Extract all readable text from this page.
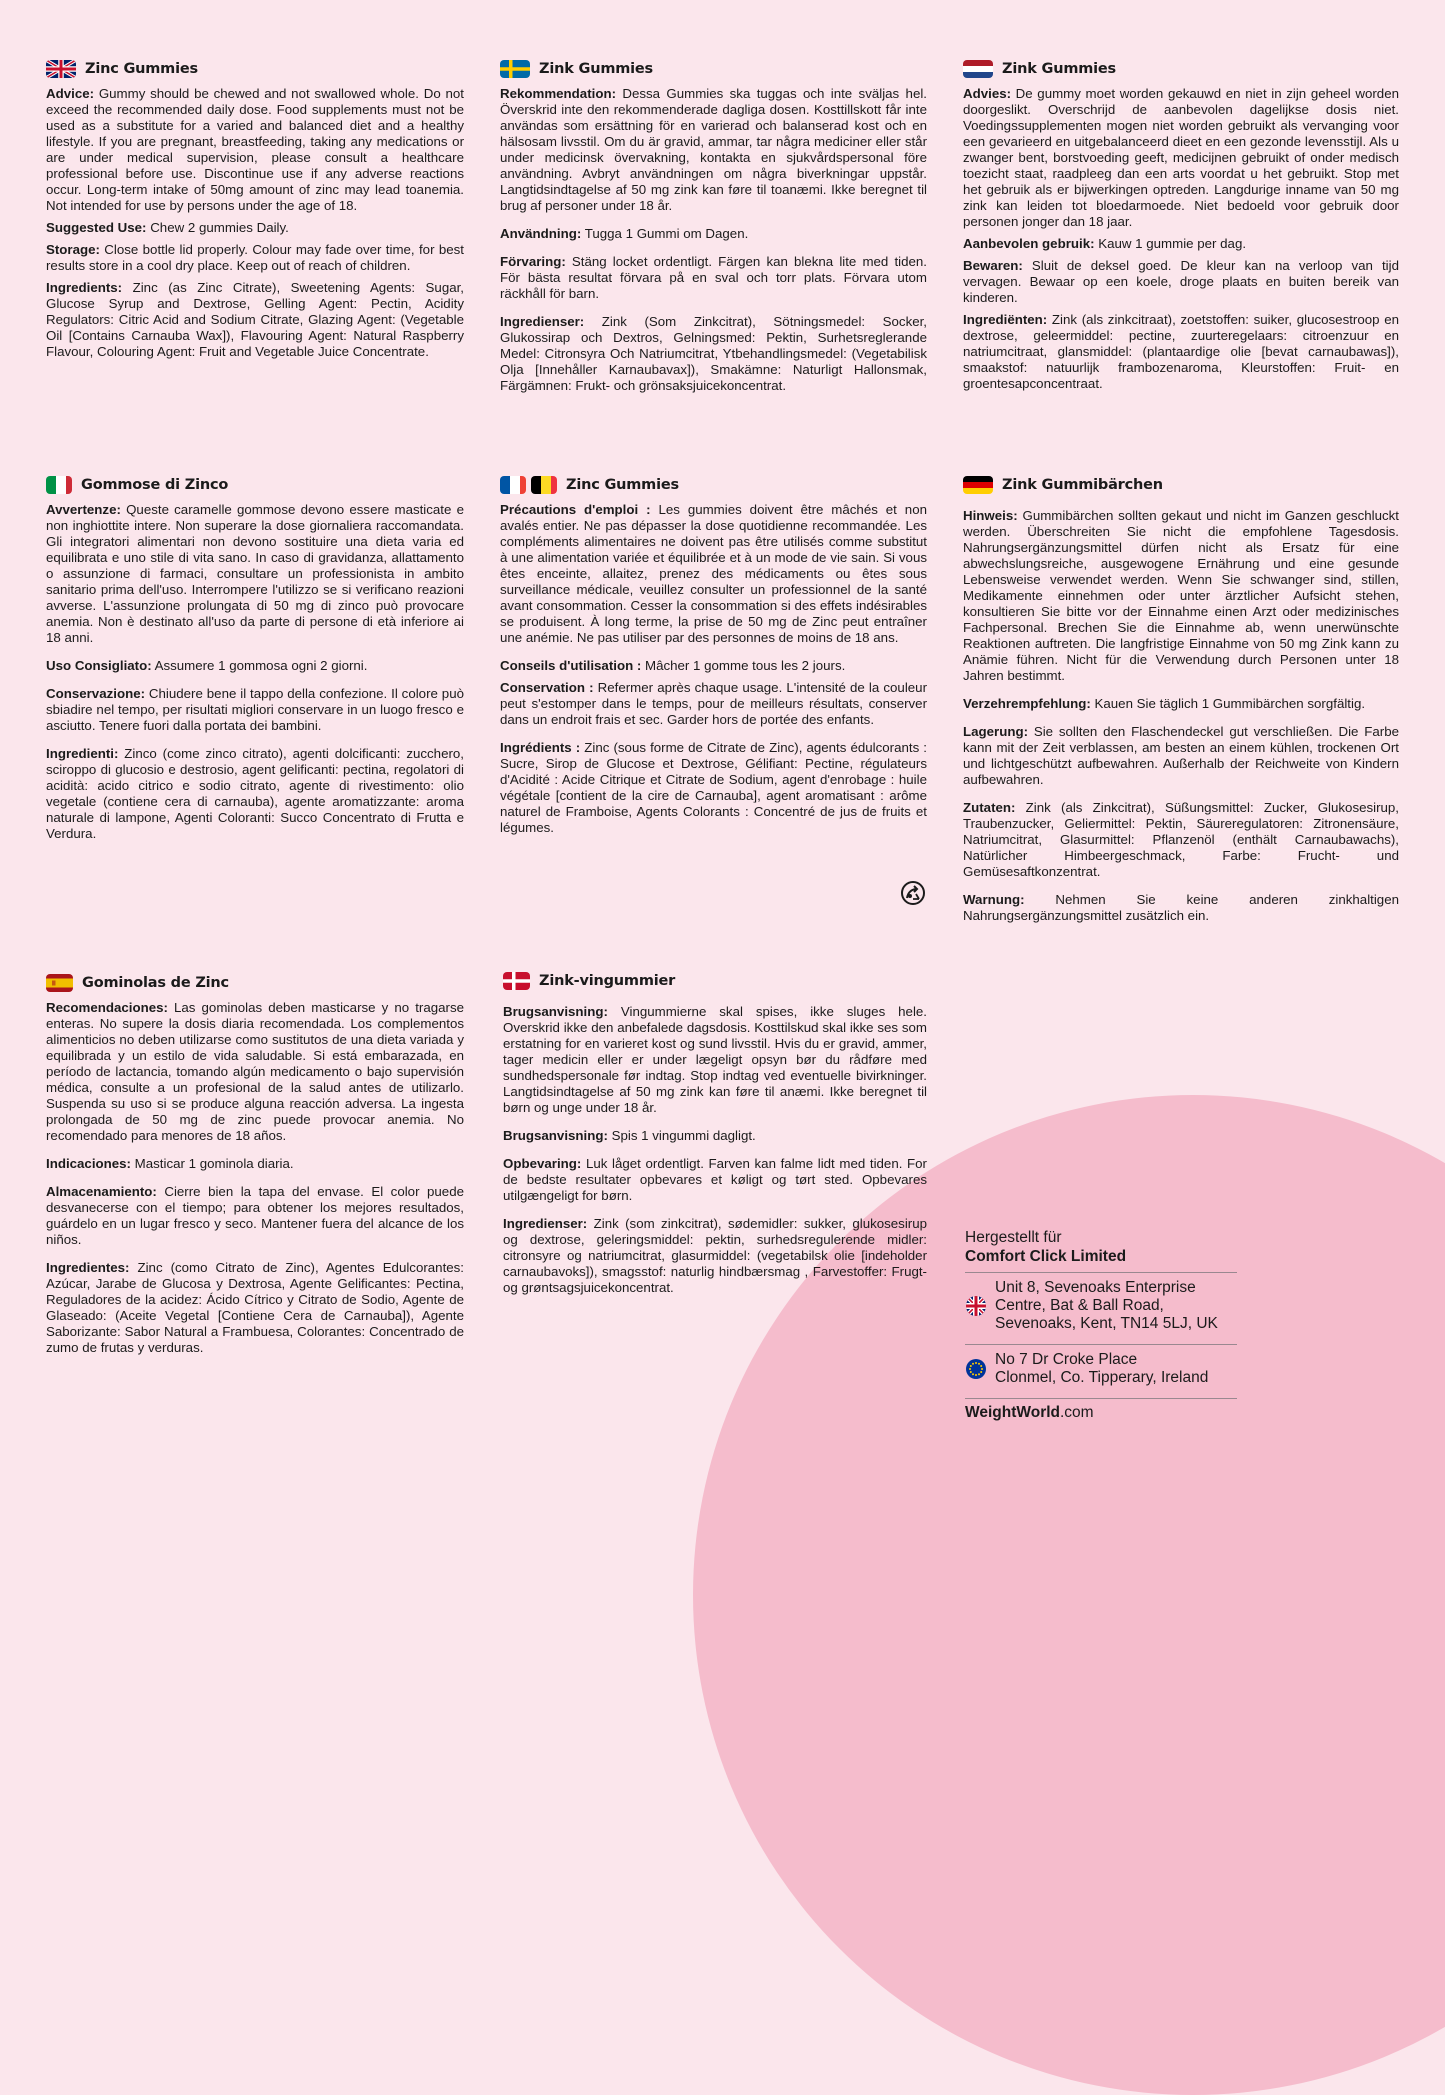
Zinc Gummies

Advice: Gummy should be chewed and not swallowed whole. Do not exceed the recommended daily dose. Food supplements must not be used as a substitute for a varied and balanced diet and a healthy lifestyle. If you are pregnant, breastfeeding, taking any medications or are under medical supervision, please consult a healthcare professional before use. Discontinue use if any adverse reactions occur. Long-term intake of 50mg amount of zinc may lead toanemia. Not intended for use by persons under the age of 18.

Suggested Use: Chew 2 gummies Daily.

Storage: Close bottle lid properly. Colour may fade over time, for best results store in a cool dry place. Keep out of reach of children.

Ingredients: Zinc (as Zinc Citrate), Sweetening Agents: Sugar, Glucose Syrup and Dextrose, Gelling Agent: Pectin, Acidity Regulators: Citric Acid and Sodium Citrate, Glazing Agent: (Vegetable Oil [Contains Carnauba Wax]), Flavouring Agent: Natural Raspberry Flavour, Colouring Agent: Fruit and Vegetable Juice Concentrate.

Zink Gummies

Rekommendation: Dessa Gummies ska tuggas och inte sväljas hel. Överskrid inte den rekommenderade dagliga dosen. Kosttillskott får inte användas som ersättning för en varierad och balanserad kost och en hälsosam livsstil. Om du är gravid, ammar, tar några mediciner eller står under medicinsk övervakning, kontakta en sjukvårdspersonal före användning. Avbryt användningen om några biverkningar uppstår. Langtidsindtagelse af 50 mg zink kan føre til toanæmi. Ikke beregnet til brug af personer under 18 år.

Användning: Tugga 1 Gummi om Dagen.

Förvaring: Stäng locket ordentligt. Färgen kan blekna lite med tiden. För bästa resultat förvara på en sval och torr plats. Förvara utom räckhåll för barn.

Ingredienser: Zink (Som Zinkcitrat), Sötningsmedel: Socker, Glukossirap och Dextros, Gelningsmed: Pektin, Surhetsreglerande Medel: Citronsyra Och Natriumcitrat, Ytbehandlingsmedel: (Vegetabilisk Olja [Innehåller Karnaubavax]), Smakämne: Naturligt Hallonsmak, Färgämnen: Frukt- och grönsaksjuicekoncentrat.

Zink Gummies

Advies: De gummy moet worden gekauwd en niet in zijn geheel worden doorgeslikt. Overschrijd de aanbevolen dagelijkse dosis niet. Voedingssupplementen mogen niet worden gebruikt als vervanging voor een gevarieerd en uitgebalanceerd dieet en een gezonde levensstijl. Als u zwanger bent, borstvoeding geeft, medicijnen gebruikt of onder medisch toezicht staat, raadpleeg dan een arts voordat u het gebruikt. Stop met het gebruik als er bijwerkingen optreden. Langdurige inname van 50 mg zink kan leiden tot bloedarmoede. Niet bedoeld voor gebruik door personen jonger dan 18 jaar.

Aanbevolen gebruik: Kauw 1 gummie per dag.

Bewaren: Sluit de deksel goed. De kleur kan na verloop van tijd vervagen. Bewaar op een koele, droge plaats en buiten bereik van kinderen.

Ingrediënten: Zink (als zinkcitraat), zoetstoffen: suiker, glucosestroop en dextrose, geleermiddel: pectine, zuurteregelaars: citroenzuur en natriumcitraat, glansmiddel: (plantaardige olie [bevat carnaubawas]), smaakstof: natuurlijk frambozenaroma, Kleurstoffen: Fruit- en groentesapconcentraat.

Gommose di Zinco

Avvertenze: Queste caramelle gommose devono essere masticate e non inghiottite intere. Non superare la dose giornaliera raccomandata. Gli integratori alimentari non devono sostituire una dieta varia ed equilibrata e uno stile di vita sano. In caso di gravidanza, allattamento o assunzione di farmaci, consultare un professionista in ambito sanitario prima dell'uso. Interrompere l'utilizzo se si verificano reazioni avverse. L'assunzione prolungata di 50 mg di zinco può provocare anemia. Non è destinato all'uso da parte di persone di età inferiore ai 18 anni.

Uso Consigliato: Assumere 1 gommosa ogni 2 giorni.

Conservazione: Chiudere bene il tappo della confezione. Il colore può sbiadire nel tempo, per risultati migliori conservare in un luogo fresco e asciutto. Tenere fuori dalla portata dei bambini.

Ingredienti: Zinco (come zinco citrato), agenti dolcificanti: zucchero, sciroppo di glucosio e destrosio, agent gelificanti: pectina, regolatori di acidità: acido citrico e sodio citrato, agente di rivestimento: olio vegetale (contiene cera di carnauba), agente aromatizzante: aroma naturale di lampone, Agenti Coloranti: Succo Concentrato di Frutta e Verdura.

Zinc Gummies

Précautions d'emploi : Les gummies doivent être mâchés et non avalés entier. Ne pas dépasser la dose quotidienne recommandée. Les compléments alimentaires ne doivent pas être utilisés comme substitut à une alimentation variée et équilibrée et à un mode de vie sain. Si vous êtes enceinte, allaitez, prenez des médicaments ou êtes sous surveillance médicale, veuillez consulter un professionnel de la santé avant consommation. Cesser la consommation si des effets indésirables se produisent. À long terme, la prise de 50 mg de Zinc peut entraîner une anémie. Ne pas utiliser par des personnes de moins de 18 ans.

Conseils d'utilisation : Mâcher 1 gomme tous les 2 jours.

Conservation : Refermer après chaque usage. L'intensité de la couleur peut s'estomper dans le temps, pour de meilleurs résultats, conserver dans un endroit frais et sec. Garder hors de portée des enfants.

Ingrédients : Zinc (sous forme de Citrate de Zinc), agents édulcorants : Sucre, Sirop de Glucose et Dextrose, Gélifiant: Pectine, régulateurs d'Acidité : Acide Citrique et Citrate de Sodium, agent d'enrobage : huile végétale [contient de la cire de Carnauba], agent aromatisant : arôme naturel de Framboise, Agents Colorants : Concentré de jus de fruits et légumes.

Zink Gummibärchen

Hinweis: Gummibärchen sollten gekaut und nicht im Ganzen geschluckt werden. Überschreiten Sie nicht die empfohlene Tagesdosis. Nahrungsergänzungsmittel dürfen nicht als Ersatz für eine abwechslungsreiche, ausgewogene Ernährung und eine gesunde Lebensweise verwendet werden. Wenn Sie schwanger sind, stillen, Medikamente einnehmen oder unter ärztlicher Aufsicht stehen, konsultieren Sie bitte vor der Einnahme einen Arzt oder medizinisches Fachpersonal. Brechen Sie die Einnahme ab, wenn unerwünschte Reaktionen auftreten. Die langfristige Einnahme von 50 mg Zink kann zu Anämie führen. Nicht für die Verwendung durch Personen unter 18 Jahren bestimmt.

Verzehrempfehlung: Kauen Sie täglich 1 Gummibärchen sorgfältig.

Lagerung: Sie sollten den Flaschendeckel gut verschließen. Die Farbe kann mit der Zeit verblassen, am besten an einem kühlen, trockenen Ort und lichtgeschützt aufbewahren. Außerhalb der Reichweite von Kindern aufbewahren.

Zutaten: Zink (als Zinkcitrat), Süßungsmittel: Zucker, Glukosesirup, Traubenzucker, Geliermittel: Pektin, Säureregulatoren: Zitronensäure, Natriumcitrat, Glasurmittel: Pflanzenöl (enthält Carnaubawachs), Natürlicher Himbeergeschmack, Farbe: Frucht- und Gemüsesaftkonzentrat.

Warnung: Nehmen Sie keine anderen zinkhaltigen Nahrungsergänzungsmittel zusätzlich ein.

Gominolas de Zinc

Recomendaciones: Las gominolas deben masticarse y no tragarse enteras. No supere la dosis diaria recomendada. Los complementos alimenticios no deben utilizarse como sustitutos de una dieta variada y equilibrada y un estilo de vida saludable. Si está embarazada, en período de lactancia, tomando algún medicamento o bajo supervisión médica, consulte a un profesional de la salud antes de utilizarlo. Suspenda su uso si se produce alguna reacción adversa. La ingesta prolongada de 50 mg de zinc puede provocar anemia. No recomendado para menores de 18 años.

Indicaciones: Masticar 1 gominola diaria.

Almacenamiento: Cierre bien la tapa del envase. El color puede desvanecerse con el tiempo; para obtener los mejores resultados, guárdelo en un lugar fresco y seco. Mantener fuera del alcance de los niños.

Ingredientes: Zinc (como Citrato de Zinc), Agentes Edulcorantes: Azúcar, Jarabe de Glucosa y Dextrosa, Agente Gelificantes: Pectina, Reguladores de la acidez: Ácido Cítrico y Citrato de Sodio, Agente de Glaseado: (Aceite Vegetal [Contiene Cera de Carnauba]), Agente Saborizante: Sabor Natural a Frambuesa, Colorantes: Concentrado de zumo de frutas y verduras.

Zink-vingummier

Brugsanvisning: Vingummierne skal spises, ikke sluges hele. Overskrid ikke den anbefalede dagsdosis. Kosttilskud skal ikke ses som erstatning for en varieret kost og sund livsstil. Hvis du er gravid, ammer, tager medicin eller er under lægeligt opsyn bør du rådføre med sundhedspersonale før indtag. Stop indtag ved eventuelle bivirkninger. Langtidsindtagelse af 50 mg zink kan føre til anæmi. Ikke beregnet til børn og unge under 18 år.

Brugsanvisning: Spis 1 vingummi dagligt.

Opbevaring: Luk låget ordentligt. Farven kan falme lidt med tiden. For de bedste resultater opbevares et køligt og tørt sted. Opbevares utilgængeligt for børn.

Ingredienser: Zink (som zinkcitrat), sødemidler: sukker, glukosesirup og dextrose, geleringsmiddel: pektin, surhedsregulerende midler: citronsyre og natriumcitrat, glasurmiddel: (vegetabilsk olie [indeholder carnaubavoks]), smagsstof: naturlig hindbærsmag , Farvestoffer: Frugt- og grøntsagsjuicekoncentrat.

Hergestellt für
Comfort Click Limited
Unit 8, Sevenoaks Enterprise
Centre, Bat & Ball Road,
Sevenoaks, Kent, TN14 5LJ, UK
No 7 Dr Croke Place
Clonmel, Co. Tipperary, Ireland
WeightWorld.com
